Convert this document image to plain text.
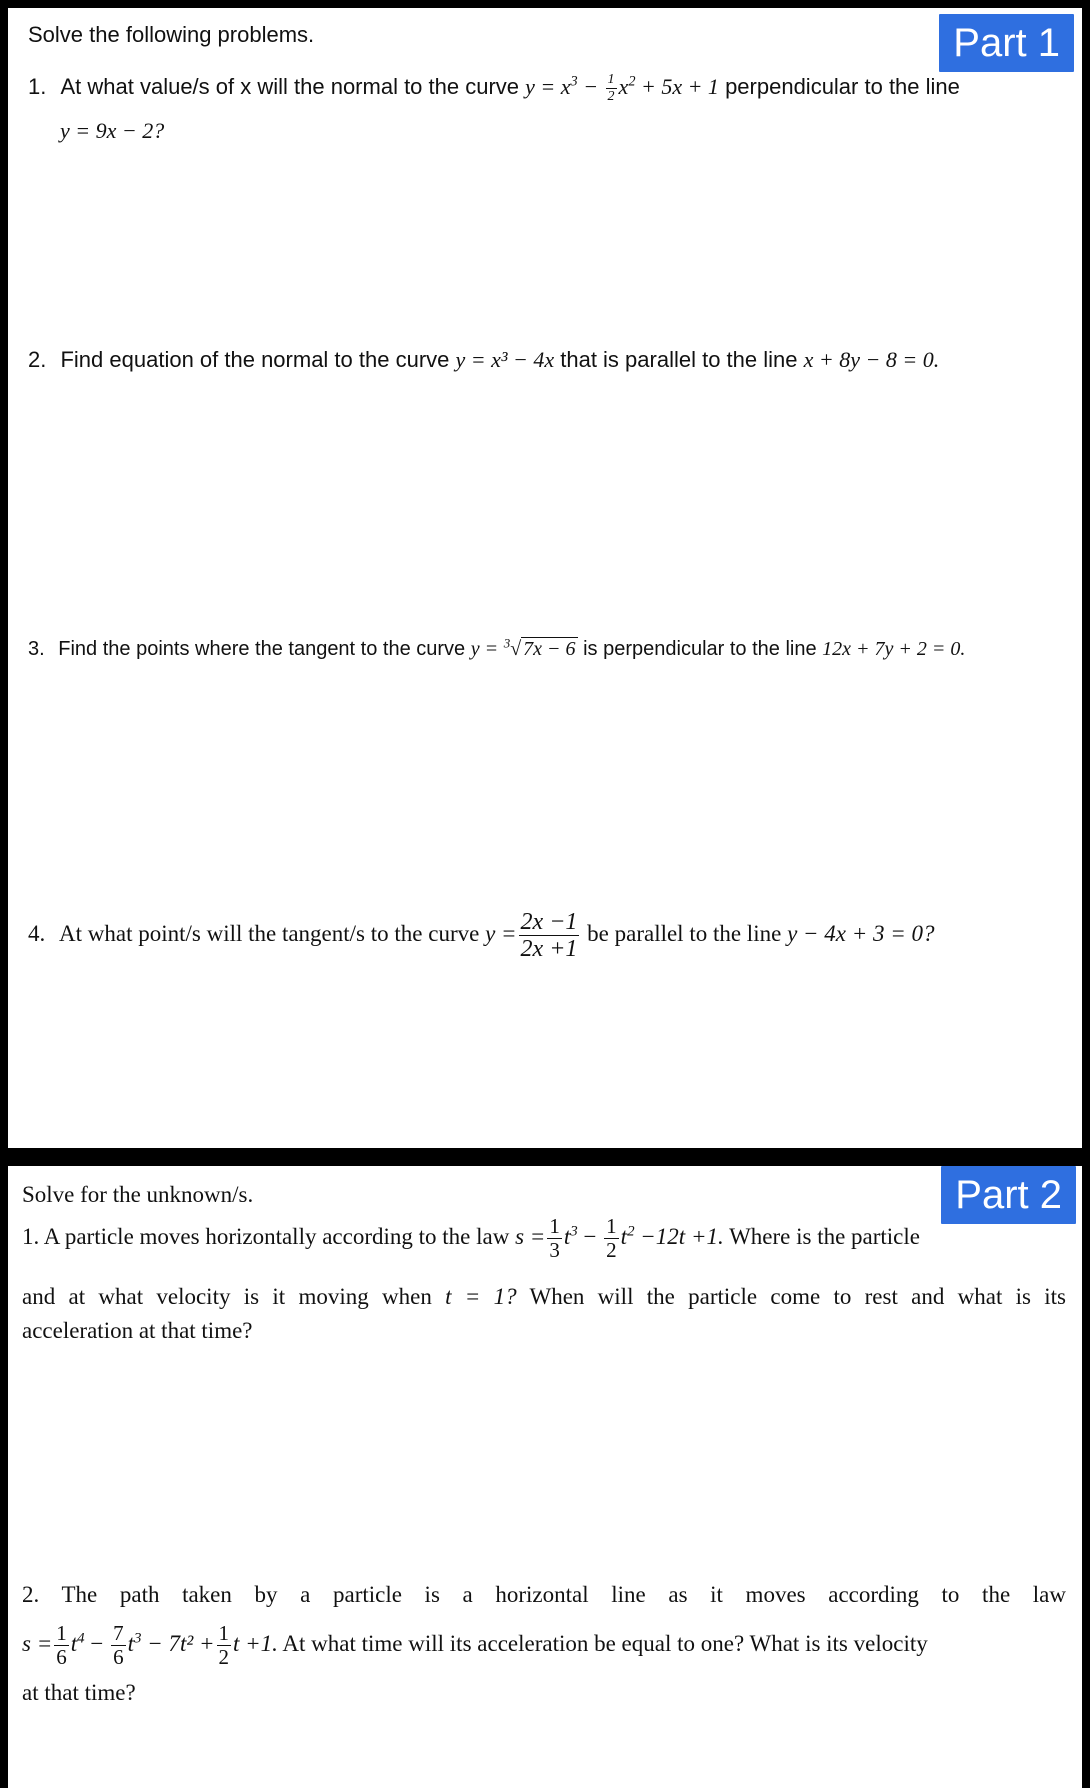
Part 1
Solve the following problems.
1. At what value/s of x will the normal to the curve $y = x^3 - \frac{1}{2} x^2 + 5x + 1$ perpendicular to the line
y = 9x − 2?
2. Find equation of the normal to the curve y = x³ − 4x that is parallel to the line x + 8y − 8 = 0.
3. Find the points where the tangent to the curve y = $^3$√ 7x − 6 is perpendicular to the line 12x + 7y + 2 = 0.
4. At what point/s will the tangent/s to the curve $y = \frac{2x -1}{2x +1}$ be parallel to the line y − 4x + 3 = 0?
Part 2
Solve for the unknown/s.
1. A particle moves horizontally according to the law $s = \frac{1}{3} t^3 - \frac{1}{2} t^2 -12t +1$. Where is the particle
and at what velocity is it moving when t = 1? When will the particle come to rest and what is its
acceleration at that time?
2. The path taken by a particle is a horizontal line as it moves according to the law
$s = \frac{1}{6} t^4 - \frac{7}{6} t^3 - 7t^2 + \frac{1}{2}$ t +1. At what time will its acceleration be equal to one? What is its velocity
at that time?
